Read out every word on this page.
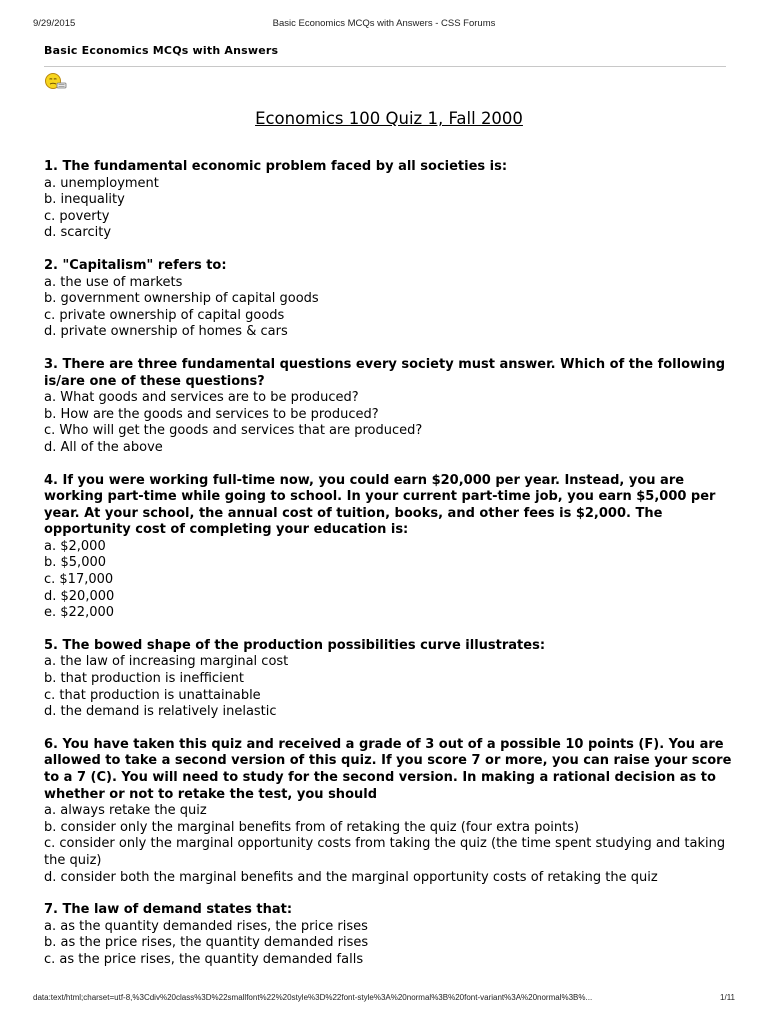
9/29/2015	Basic Economics MCQs with Answers - CSS Forums
Basic Economics MCQs with Answers
Economics 100 Quiz 1, Fall 2000
1. The fundamental economic problem faced by all societies is:
a. unemployment
b. inequality
c. poverty
d. scarcity
2. "Capitalism" refers to:
a. the use of markets
b. government ownership of capital goods
c. private ownership of capital goods
d. private ownership of homes & cars
3. There are three fundamental questions every society must answer. Which of the following is/are one of these questions?
a. What goods and services are to be produced?
b. How are the goods and services to be produced?
c. Who will get the goods and services that are produced?
d. All of the above
4. If you were working full-time now, you could earn $20,000 per year. Instead, you are working part-time while going to school. In your current part-time job, you earn $5,000 per year. At your school, the annual cost of tuition, books, and other fees is $2,000. The opportunity cost of completing your education is:
a. $2,000
b. $5,000
c. $17,000
d. $20,000
e. $22,000
5. The bowed shape of the production possibilities curve illustrates:
a. the law of increasing marginal cost
b. that production is inefficient
c. that production is unattainable
d. the demand is relatively inelastic
6. You have taken this quiz and received a grade of 3 out of a possible 10 points (F). You are allowed to take a second version of this quiz. If you score 7 or more, you can raise your score to a 7 (C). You will need to study for the second version. In making a rational decision as to whether or not to retake the test, you should
a. always retake the quiz
b. consider only the marginal benefits from of retaking the quiz (four extra points)
c. consider only the marginal opportunity costs from taking the quiz (the time spent studying and taking the quiz)
d. consider both the marginal benefits and the marginal opportunity costs of retaking the quiz
7. The law of demand states that:
a. as the quantity demanded rises, the price rises
b. as the price rises, the quantity demanded rises
c. as the price rises, the quantity demanded falls
data:text/html;charset=utf-8,%3Cdiv%20class%3D%22smallfont%22%20style%3D%22font-style%3A%20normal%3B%20font-variant%3A%20normal%3B%...	1/11
